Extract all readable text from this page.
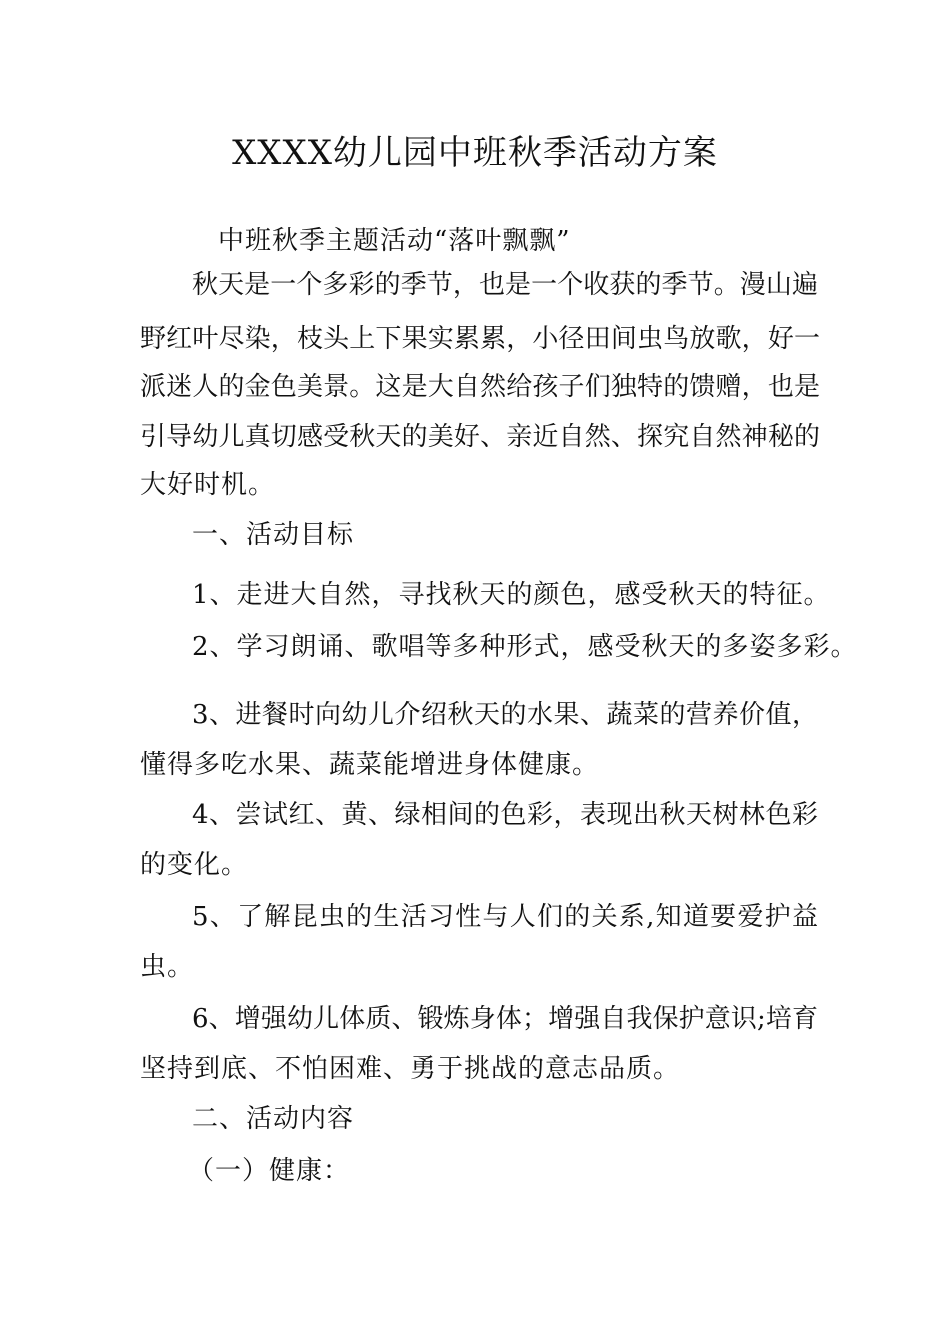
XXXX幼儿园中班秋季活动方案
中班秋季主题活动“落叶飘飘”
秋天是一个多彩的季节，也是一个收获的季节。漫山遍
野红叶尽染，枝头上下果实累累，小径田间虫鸟放歌，好一
派迷人的金色美景。这是大自然给孩子们独特的馈赠，也是
引导幼儿真切感受秋天的美好、亲近自然、探究自然神秘的
大好时机。
一、活动目标
1、走进大自然，寻找秋天的颜色，感受秋天的特征。
2、学习朗诵、歌唱等多种形式，感受秋天的多姿多彩。
3、进餐时向幼儿介绍秋天的水果、蔬菜的营养价值，
懂得多吃水果、蔬菜能增进身体健康。
4、尝试红、黄、绿相间的色彩，表现出秋天树林色彩
的变化。
5、了解昆虫的生活习性与人们的关系,知道要爱护益
虫。
6、增强幼儿体质、锻炼身体；增强自我保护意识;培育
坚持到底、不怕困难、勇于挑战的意志品质。
二、活动内容
（一）健康：
